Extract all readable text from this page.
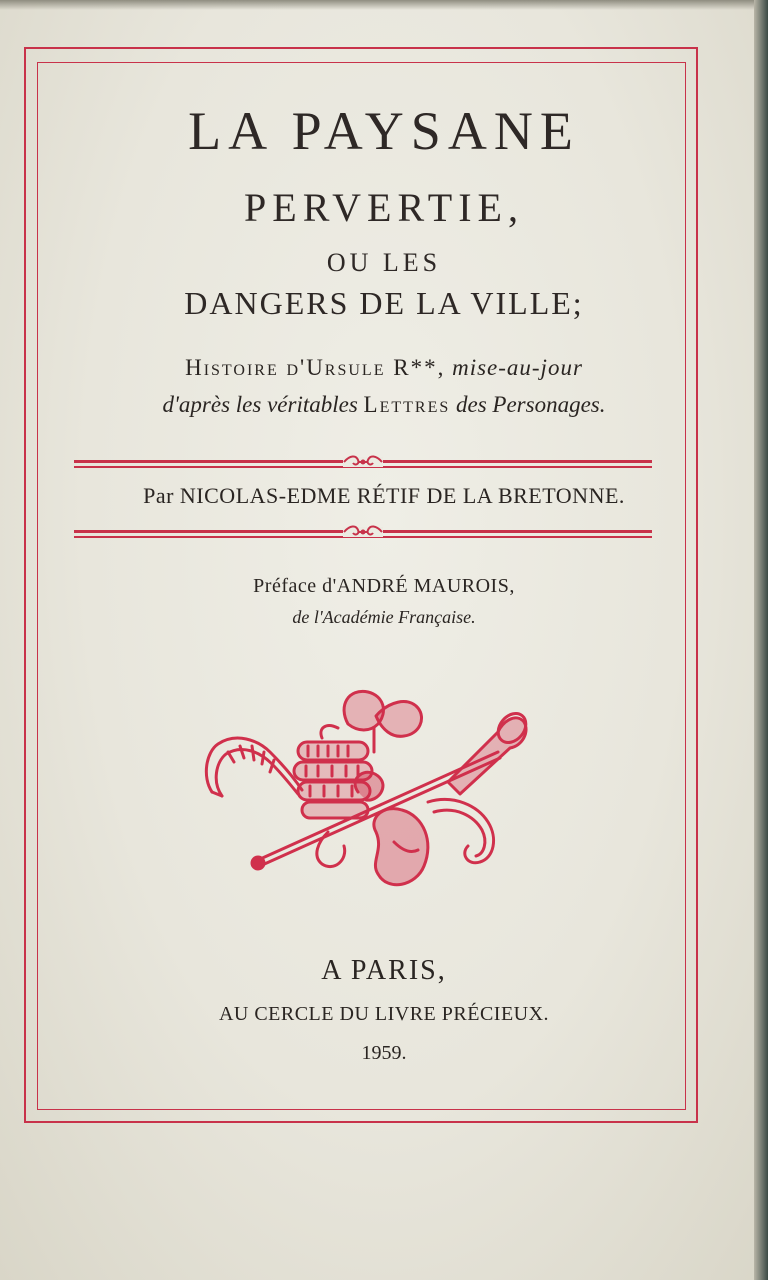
LA PAYSANE
PERVERTIE,
OU LES
DANGERS DE LA VILLE;
Histoire d'Ursule R**, mise-au-jour
d'après les véritables Lettres des Personages.
Par NICOLAS-EDME RÉTIF DE LA BRETONNE.
Préface d'ANDRÉ MAUROIS,
de l'Académie Française.
A PARIS,
AU CERCLE DU LIVRE PRÉCIEUX.
1959.
